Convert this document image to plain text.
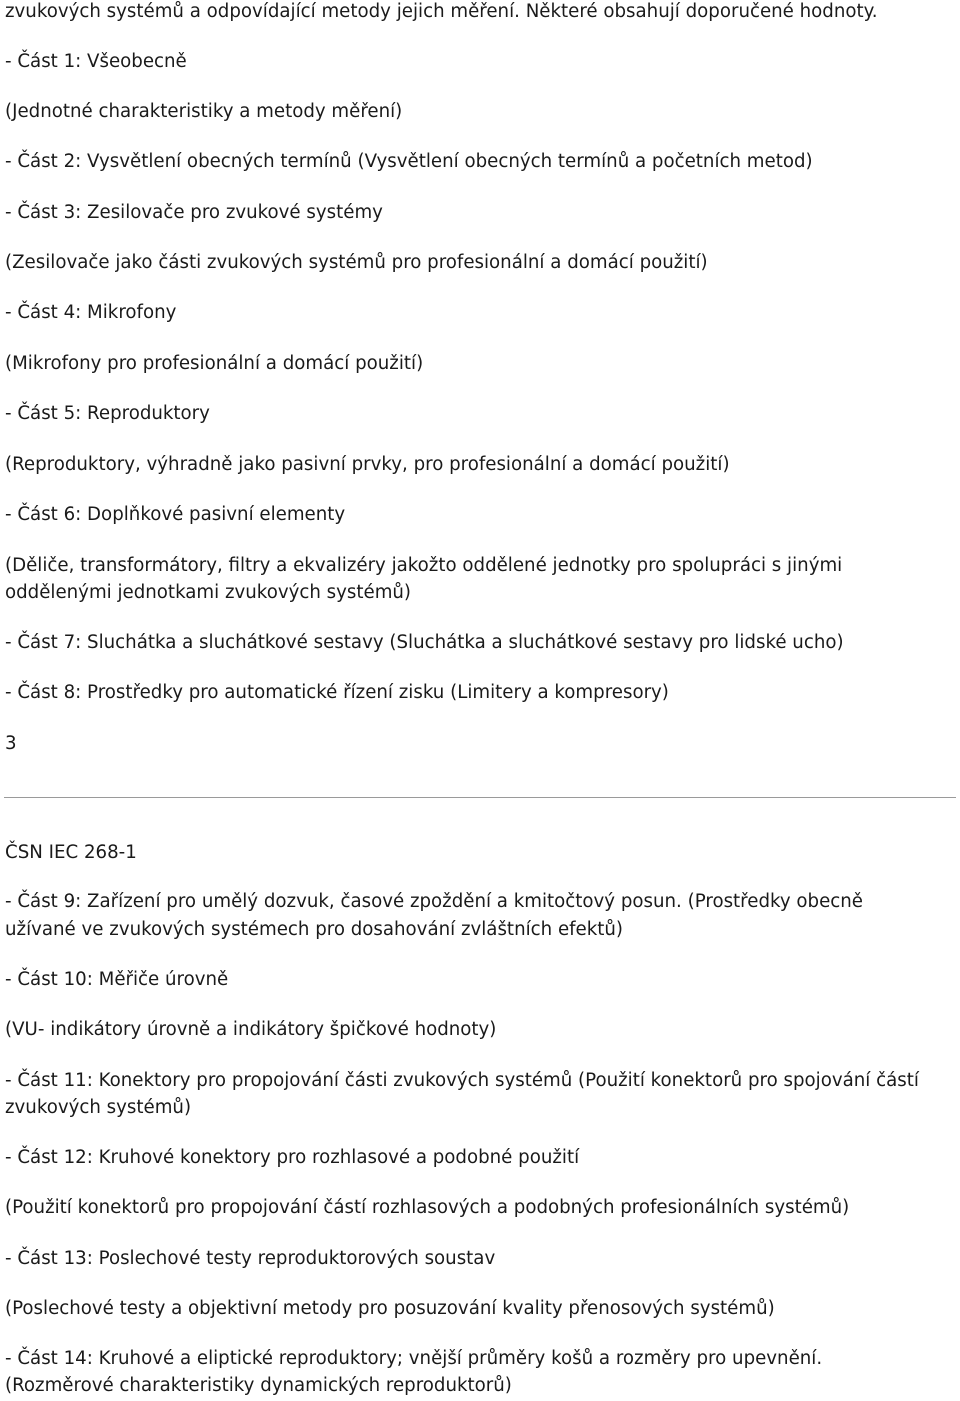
zvukových systémů a odpovídající metody jejich měření. Některé obsahují doporučené hodnoty.
- Část 1: Všeobecně
(Jednotné charakteristiky a metody měření)
- Část 2: Vysvětlení obecných termínů (Vysvětlení obecných termínů a početních metod)
- Část 3: Zesilovače pro zvukové systémy
(Zesilovače jako části zvukových systémů pro profesionální a domácí použití)
- Část 4: Mikrofony
(Mikrofony pro profesionální a domácí použití)
- Část 5: Reproduktory
(Reproduktory, výhradně jako pasivní prvky, pro profesionální a domácí použití)
- Část 6: Doplňkové pasivní elementy
(Děliče, transformátory, filtry a ekvalizéry jakožto oddělené jednotky pro spolupráci s jinými
oddělenými jednotkami zvukových systémů)
- Část 7: Sluchátka a sluchátkové sestavy (Sluchátka a sluchátkové sestavy pro lidské ucho)
- Část 8: Prostředky pro automatické řízení zisku (Limitery a kompresory)
3
ČSN IEC 268-1
- Část 9: Zařízení pro umělý dozvuk, časové zpoždění a kmitočtový posun. (Prostředky obecně
užívané ve zvukových systémech pro dosahování zvláštních efektů)
- Část 10: Měřiče úrovně
(VU- indikátory úrovně a indikátory špičkové hodnoty)
- Část 11: Konektory pro propojování části zvukových systémů (Použití konektorů pro spojování částí
zvukových systémů)
- Část 12: Kruhové konektory pro rozhlasové a podobné použití
(Použití konektorů pro propojování částí rozhlasových a podobných profesionálních systémů)
- Část 13: Poslechové testy reproduktorových soustav
(Poslechové testy a objektivní metody pro posuzování kvality přenosových systémů)
- Část 14: Kruhové a eliptické reproduktory; vnější průměry košů a rozměry pro upevnění.
(Rozměrové charakteristiky dynamických reproduktorů)
